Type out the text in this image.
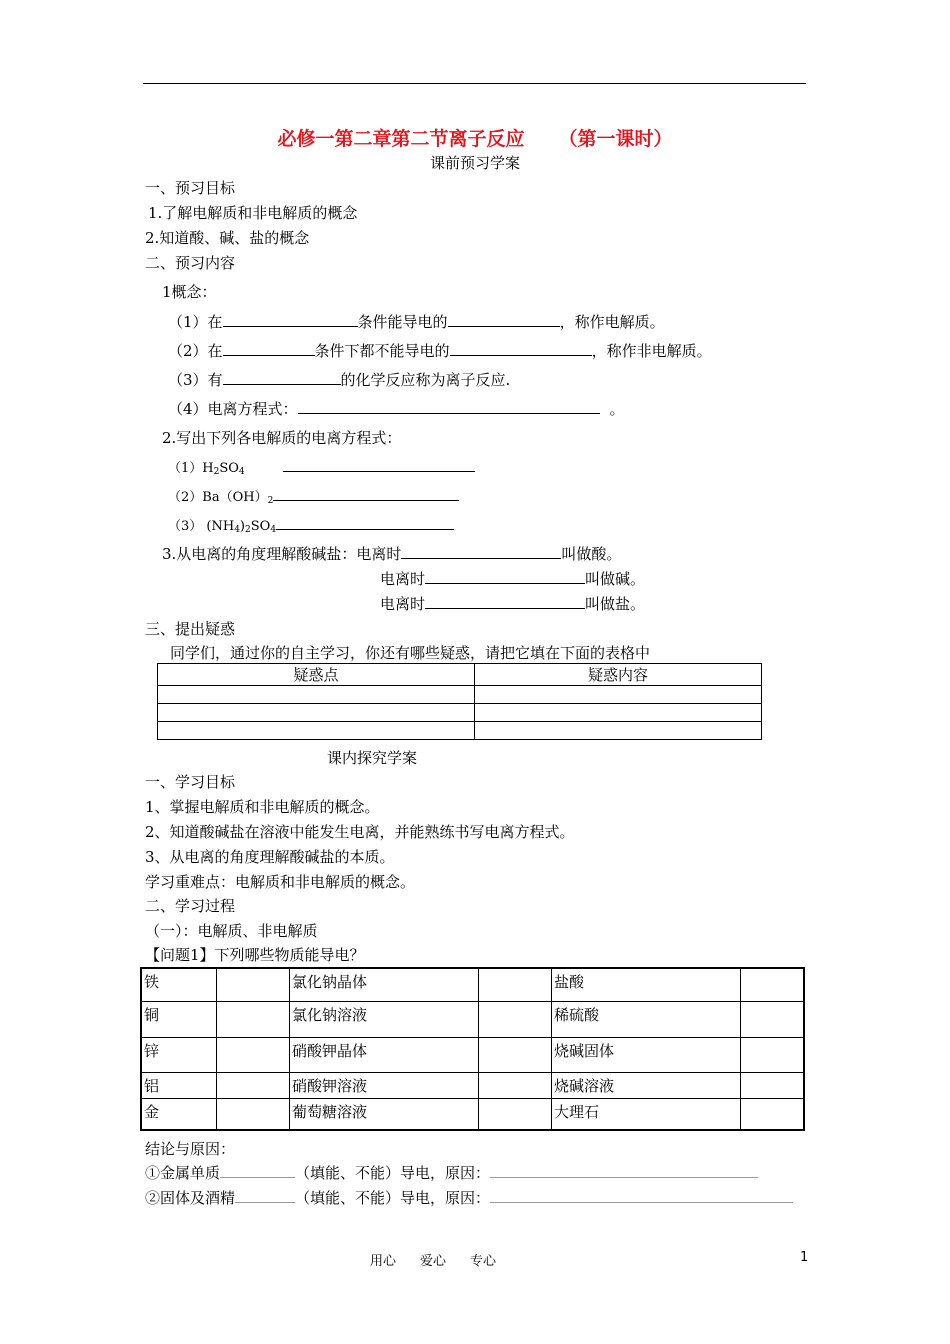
必修一第二章第二节离子反应 （第一课时）
课前预习学案
一、预习目标
1.了解电解质和非电解质的概念
2.知道酸、碱、盐的概念
二、预习内容
1概念：
（1）在	条件能导电的	，称作电解质。
（2）在	条件下都不能导电的	，称作非电解质。
（3）有	的化学反应称为离子反应.
（4）电离方程式：	。
2.写出下列各电解质的电离方程式：
$(1)H_2SO_4$
$(2)Ba(OH)_2$
（3） $(NH_4)_2SO_4$
3.从电离的角度理解酸碱盐：电离时	叫做酸。
电离时	叫做碱。
电离时	叫做盐。
三、提出疑惑
同学们，通过你的自主学习，你还有哪些疑惑，请把它填在下面的表格中
疑惑点	疑惑内容

课内探究学案
一、学习目标
1、掌握电解质和非电解质的概念。
2、知道酸碱盐在溶液中能发生电离，并能熟练书写电离方程式。
3、从电离的角度理解酸碱盐的本质。
学习重难点：电解质和非电解质的概念。
二、学习过程
（一）：电解质、非电解质
【问题1】下列哪些物质能导电？
铁		氯化钠晶体		盐酸	
铜		氯化钠溶液		稀硫酸	
锌		硝酸钾晶体		烧碱固体	
铝		硝酸钾溶液		烧碱溶液	
金		葡萄糖溶液		大理石	
结论与原因：
①金属单质	（填能、不能）导电，原因：
②固体及酒精	（填能、不能）导电，原因：
用心 爱心 专心	1
